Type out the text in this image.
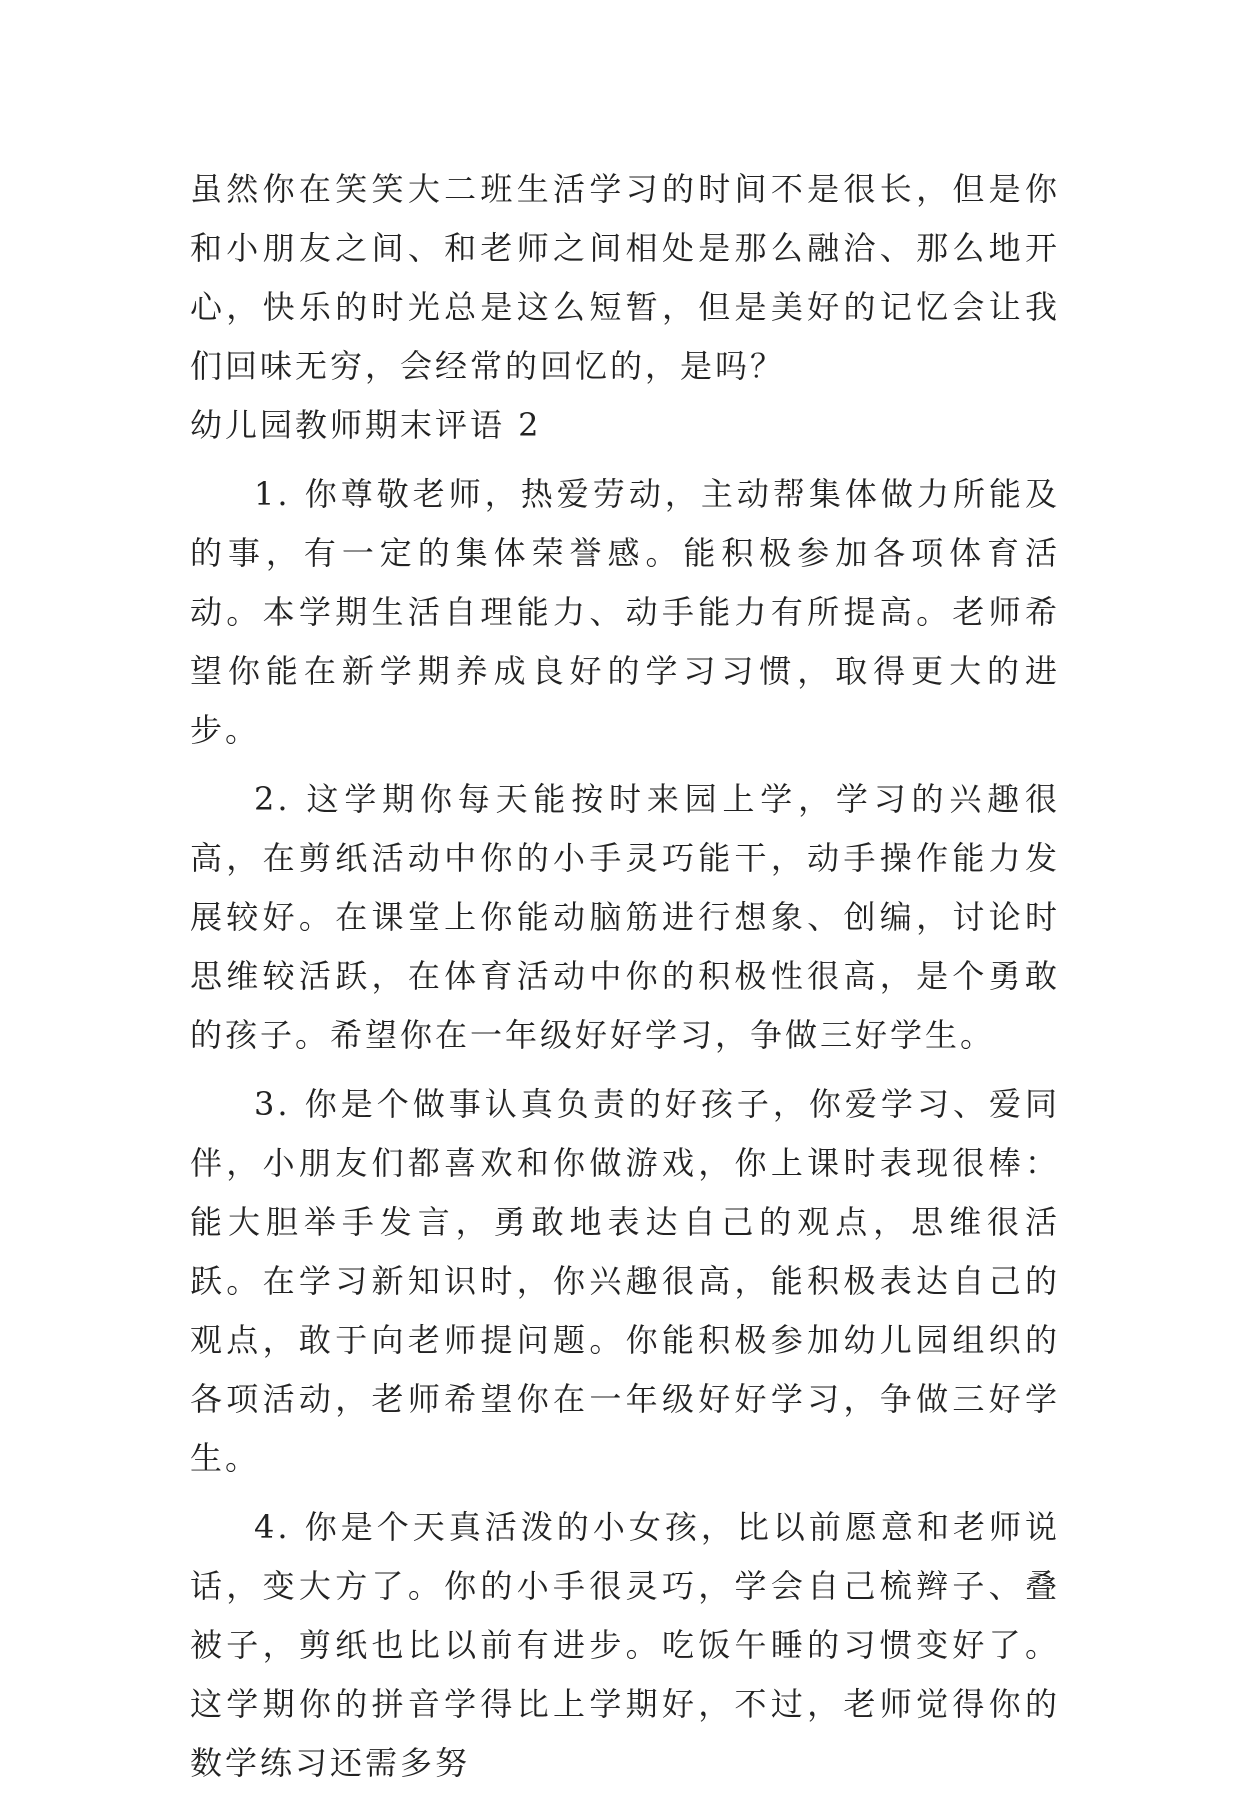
虽然你在笑笑大二班生活学习的时间不是很长，但是你和小朋友之间、和老师之间相处是那么融洽、那么地开心，快乐的时光总是这么短暂，但是美好的记忆会让我们回味无穷，会经常的回忆的，是吗？

幼儿园教师期末评语 2

1. 你尊敬老师，热爱劳动，主动帮集体做力所能及的事，有一定的集体荣誉感。能积极参加各项体育活动。本学期生活自理能力、动手能力有所提高。老师希望你能在新学期养成良好的学习习惯，取得更大的进步。

2. 这学期你每天能按时来园上学，学习的兴趣很高，在剪纸活动中你的小手灵巧能干，动手操作能力发展较好。在课堂上你能动脑筋进行想象、创编，讨论时思维较活跃，在体育活动中你的积极性很高，是个勇敢的孩子。希望你在一年级好好学习，争做三好学生。

3. 你是个做事认真负责的好孩子，你爱学习、爱同伴，小朋友们都喜欢和你做游戏，你上课时表现很棒：能大胆举手发言，勇敢地表达自己的观点，思维很活跃。在学习新知识时，你兴趣很高，能积极表达自己的观点，敢于向老师提问题。你能积极参加幼儿园组织的各项活动，老师希望你在一年级好好学习，争做三好学生。

4. 你是个天真活泼的小女孩，比以前愿意和老师说话，变大方了。你的小手很灵巧，学会自己梳辫子、叠被子，剪纸也比以前有进步。吃饭午睡的习惯变好了。这学期你的拼音学得比上学期好，不过，老师觉得你的数学练习还需多努
